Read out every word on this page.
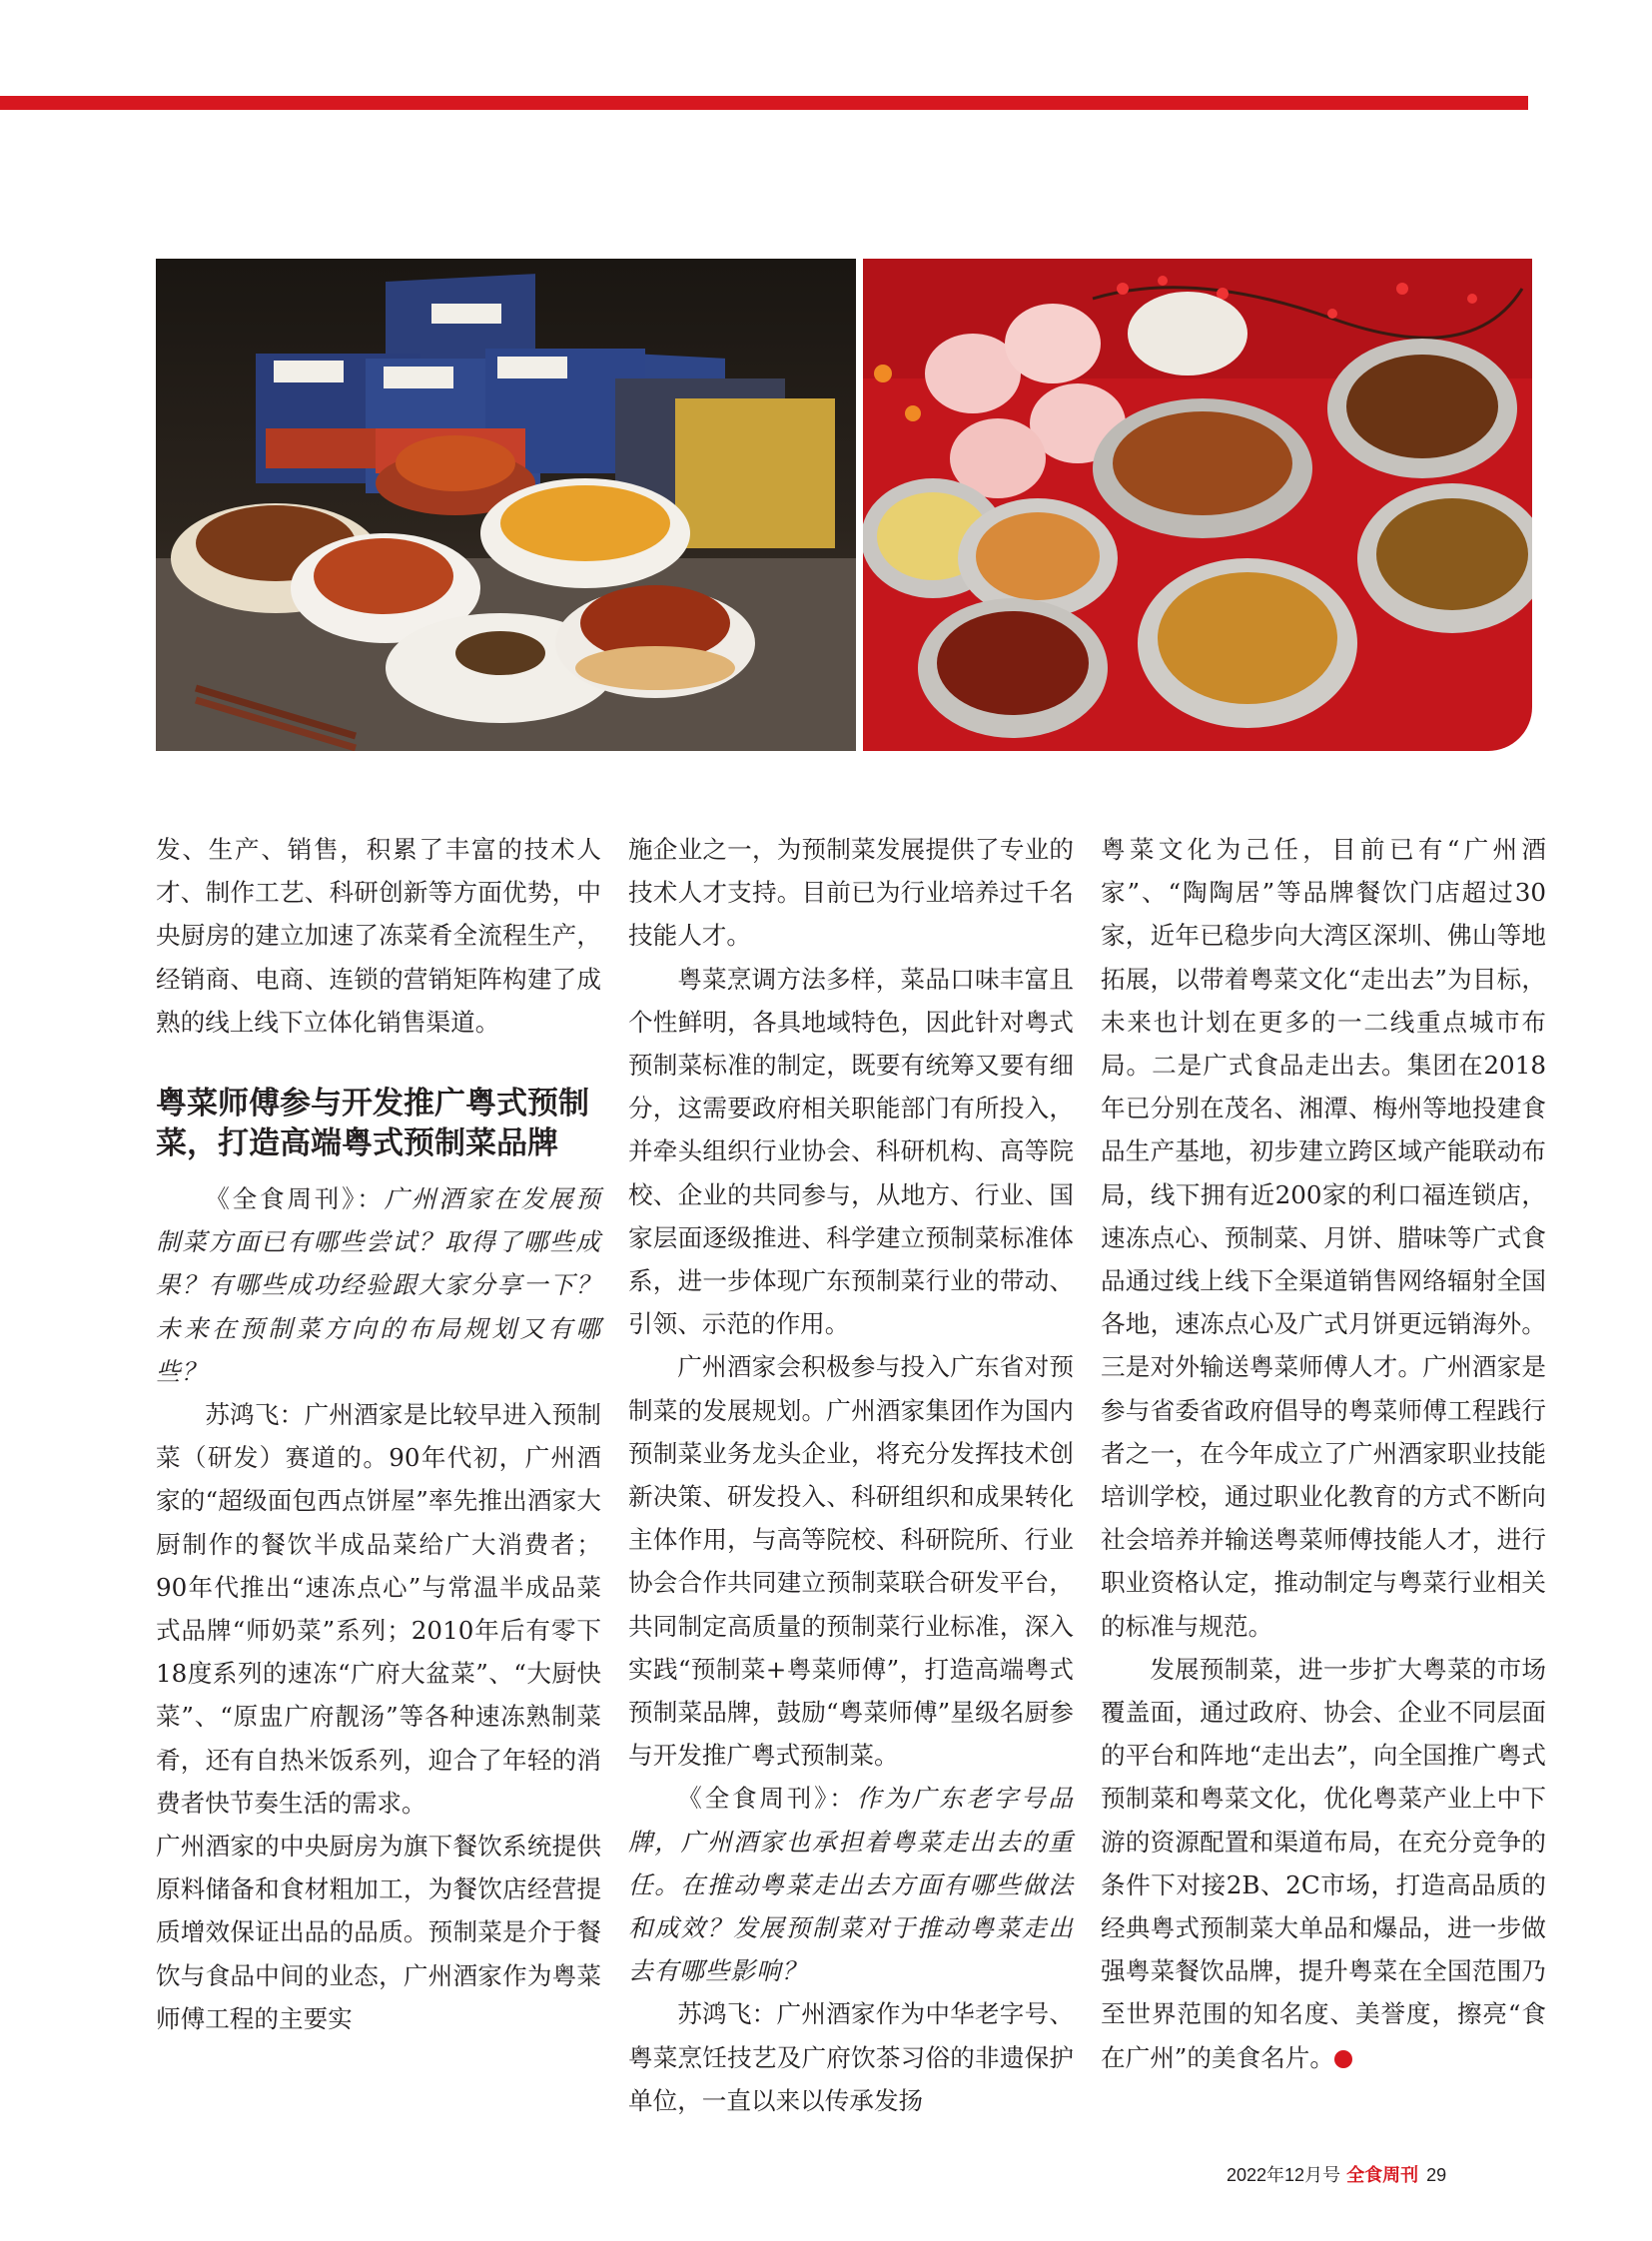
发、生产、销售，积累了丰富的技术人才、制作工艺、科研创新等方面优势，中央厨房的建立加速了冻菜肴全流程生产，经销商、电商、连锁的营销矩阵构建了成熟的线上线下立体化销售渠道。

粤菜师傅参与开发推广粤式预制菜，打造高端粤式预制菜品牌

《全食周刊》：广州酒家在发展预制菜方面已有哪些尝试？取得了哪些成果？有哪些成功经验跟大家分享一下？未来在预制菜方向的布局规划又有哪些？

苏鸿飞：广州酒家是比较早进入预制菜（研发）赛道的。90年代初，广州酒家的“超级面包西点饼屋”率先推出酒家大厨制作的餐饮半成品菜给广大消费者；90年代推出“速冻点心”与常温半成品菜式品牌“师奶菜”系列；2010年后有零下18度系列的速冻“广府大盆菜”、“大厨快菜”、“原盅广府靓汤”等各种速冻熟制菜肴，还有自热米饭系列，迎合了年轻的消费者快节奏生活的需求。

广州酒家的中央厨房为旗下餐饮系统提供原料储备和食材粗加工，为餐饮店经营提质增效保证出品的品质。预制菜是介于餐饮与食品中间的业态，广州酒家作为粤菜师傅工程的主要实

施企业之一，为预制菜发展提供了专业的技术人才支持。目前已为行业培养过千名技能人才。

粤菜烹调方法多样，菜品口味丰富且个性鲜明，各具地域特色，因此针对粤式预制菜标准的制定，既要有统筹又要有细分，这需要政府相关职能部门有所投入，并牵头组织行业协会、科研机构、高等院校、企业的共同参与，从地方、行业、国家层面逐级推进、科学建立预制菜标准体系，进一步体现广东预制菜行业的带动、引领、示范的作用。

广州酒家会积极参与投入广东省对预制菜的发展规划。广州酒家集团作为国内预制菜业务龙头企业，将充分发挥技术创新决策、研发投入、科研组织和成果转化主体作用，与高等院校、科研院所、行业协会合作共同建立预制菜联合研发平台，共同制定高质量的预制菜行业标准，深入实践“预制菜+粤菜师傅”，打造高端粤式预制菜品牌，鼓励“粤菜师傅”星级名厨参与开发推广粤式预制菜。

《全食周刊》：作为广东老字号品牌，广州酒家也承担着粤菜走出去的重任。在推动粤菜走出去方面有哪些做法和成效？发展预制菜对于推动粤菜走出去有哪些影响？

苏鸿飞：广州酒家作为中华老字号、粤菜烹饪技艺及广府饮茶习俗的非遗保护单位，一直以来以传承发扬

粤菜文化为己任，目前已有“广州酒家”、“陶陶居”等品牌餐饮门店超过30家，近年已稳步向大湾区深圳、佛山等地拓展，以带着粤菜文化“走出去”为目标，未来也计划在更多的一二线重点城市布局。二是广式食品走出去。集团在2018年已分别在茂名、湘潭、梅州等地投建食品生产基地，初步建立跨区域产能联动布局，线下拥有近200家的利口福连锁店，速冻点心、预制菜、月饼、腊味等广式食品通过线上线下全渠道销售网络辐射全国各地，速冻点心及广式月饼更远销海外。三是对外输送粤菜师傅人才。广州酒家是参与省委省政府倡导的粤菜师傅工程践行者之一，在今年成立了广州酒家职业技能培训学校，通过职业化教育的方式不断向社会培养并输送粤菜师傅技能人才，进行职业资格认定，推动制定与粤菜行业相关的标准与规范。

发展预制菜，进一步扩大粤菜的市场覆盖面，通过政府、协会、企业不同层面的平台和阵地“走出去”，向全国推广粤式预制菜和粤菜文化，优化粤菜产业上中下游的资源配置和渠道布局，在充分竞争的条件下对接2B、2C市场，打造高品质的经典粤式预制菜大单品和爆品，进一步做强粤菜餐饮品牌，提升粤菜在全国范围乃至世界范围的知名度、美誉度，擦亮“食在广州”的美食名片。	♨

2022年12月号 全食周刊 29
